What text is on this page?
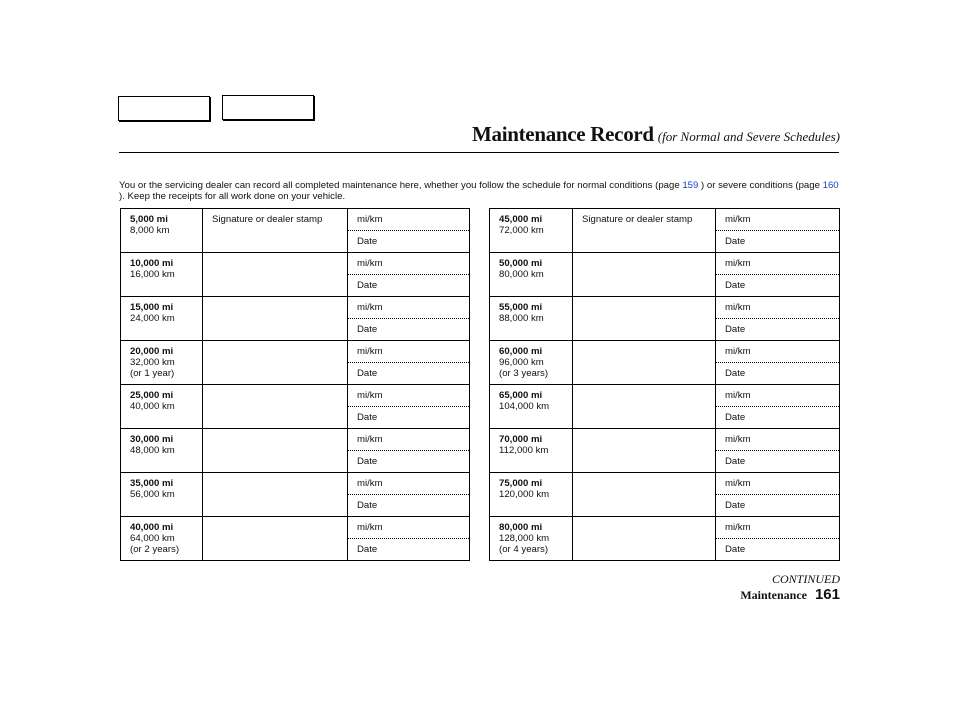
Maintenance Record (for Normal and Severe Schedules)
You or the servicing dealer can record all completed maintenance here, whether you follow the schedule for normal conditions (page 159 ) or severe conditions (page 160 ). Keep the receipts for all work done on your vehicle.
5,000 mi
8,000 km	Signature or dealer stamp	mi/km
		Date
10,000 mi
16,000 km		mi/km
		Date
15,000 mi
24,000 km		mi/km
		Date
20,000 mi
32,000 km
(or 1 year)		mi/km
		Date
25,000 mi
40,000 km		mi/km
		Date
30,000 mi
48,000 km		mi/km
		Date
35,000 mi
56,000 km		mi/km
		Date
40,000 mi
64,000 km
(or 2 years)		mi/km
		Date
45,000 mi
72,000 km	Signature or dealer stamp	mi/km
		Date
50,000 mi
80,000 km		mi/km
		Date
55,000 mi
88,000 km		mi/km
		Date
60,000 mi
96,000 km
(or 3 years)		mi/km
		Date
65,000 mi
104,000 km		mi/km
		Date
70,000 mi
112,000 km		mi/km
		Date
75,000 mi
120,000 km		mi/km
		Date
80,000 mi
128,000 km
(or 4 years)		mi/km
		Date
CONTINUED
Maintenance 161
